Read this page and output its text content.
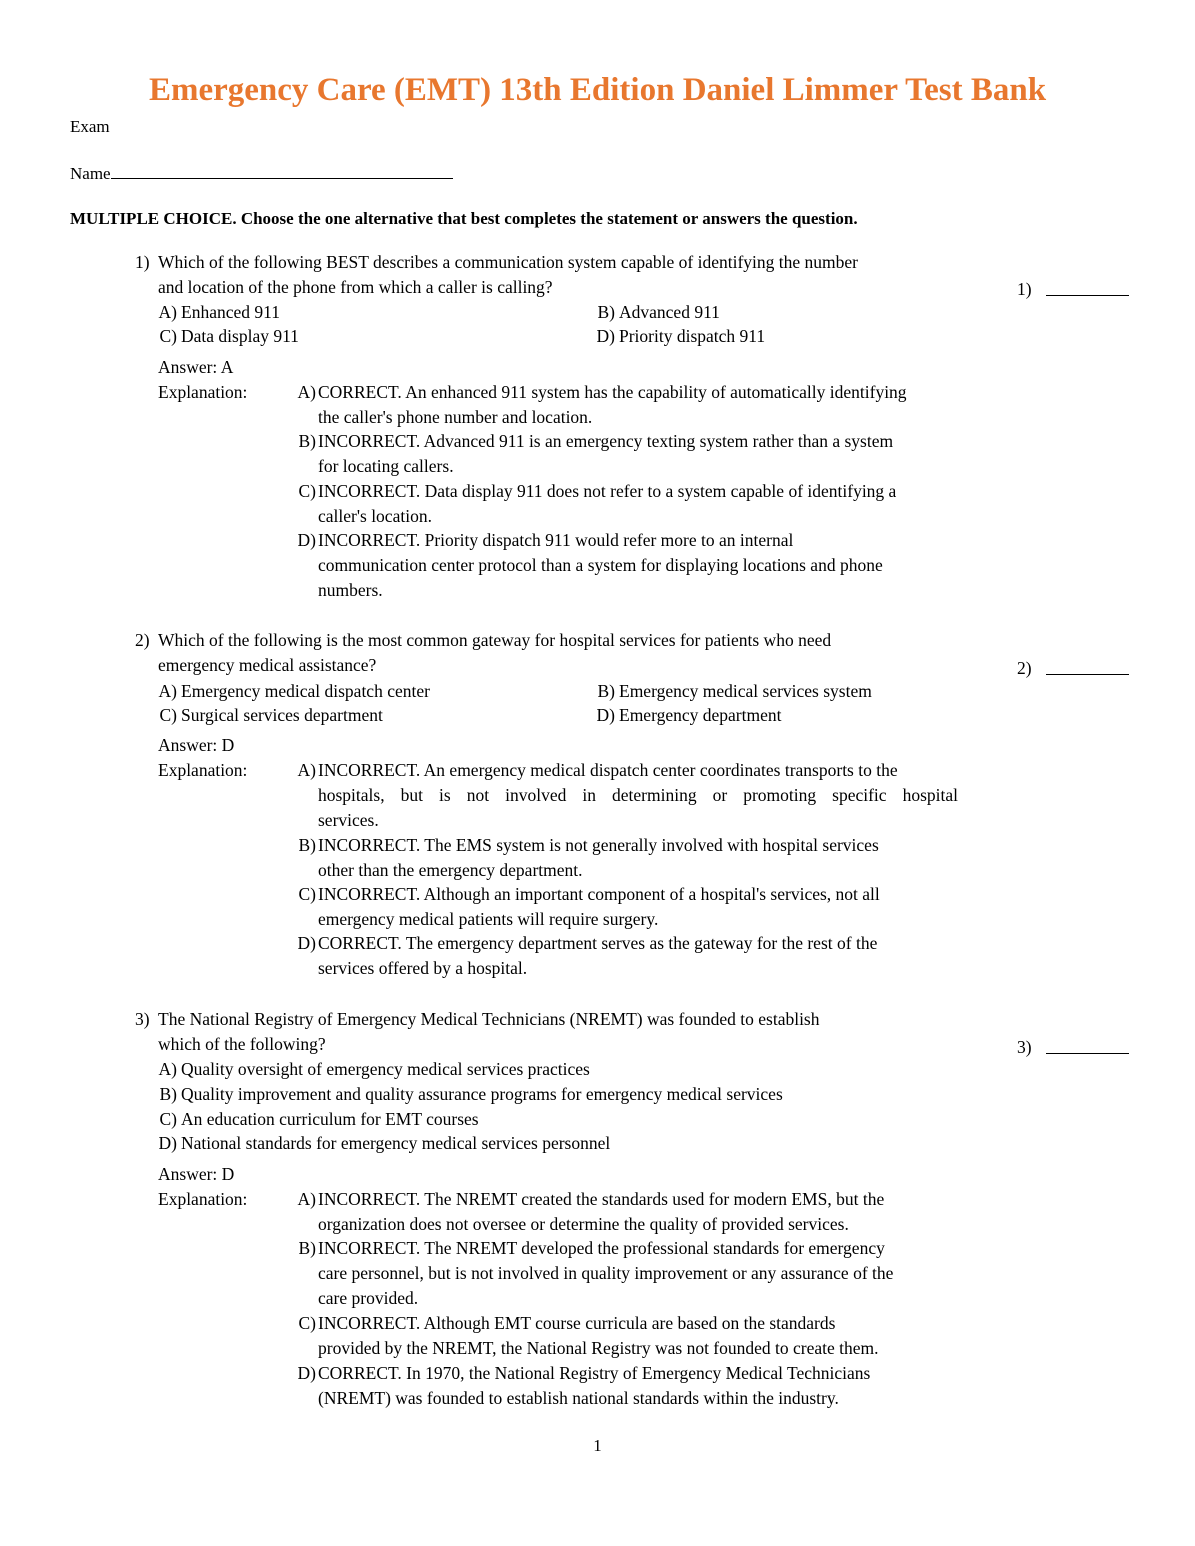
Emergency Care (EMT) 13th Edition Daniel Limmer Test Bank
Exam
Name
MULTIPLE CHOICE. Choose the one alternative that best completes the statement or answers the question.
1) Which of the following BEST describes a communication system capable of identifying the number
and location of the phone from which a caller is calling?	1)
A) Enhanced 911	B) Advanced 911
C) Data display 911	D) Priority dispatch 911
Answer: A
Explanation:	A) CORRECT. An enhanced 911 system has the capability of automatically identifying
the caller's phone number and location.
B) INCORRECT. Advanced 911 is an emergency texting system rather than a system
for locating callers.
C) INCORRECT. Data display 911 does not refer to a system capable of identifying a
caller's location.
D) INCORRECT. Priority dispatch 911 would refer more to an internal
communication center protocol than a system for displaying locations and phone
numbers.
2) Which of the following is the most common gateway for hospital services for patients who need
emergency medical assistance?	2)
A) Emergency medical dispatch center	B) Emergency medical services system
C) Surgical services department	D) Emergency department
Answer: D
Explanation:	A) INCORRECT. An emergency medical dispatch center coordinates transports to the
hospitals, but is not involved in determining or promoting specific hospital
services.
B) INCORRECT. The EMS system is not generally involved with hospital services
other than the emergency department.
C) INCORRECT. Although an important component of a hospital's services, not all
emergency medical patients will require surgery.
D) CORRECT. The emergency department serves as the gateway for the rest of the
services offered by a hospital.
3) The National Registry of Emergency Medical Technicians (NREMT) was founded to establish
which of the following?	3)
A) Quality oversight of emergency medical services practices
B) Quality improvement and quality assurance programs for emergency medical services
C) An education curriculum for EMT courses
D) National standards for emergency medical services personnel
Answer: D
Explanation:	A) INCORRECT. The NREMT created the standards used for modern EMS, but the
organization does not oversee or determine the quality of provided services.
B) INCORRECT. The NREMT developed the professional standards for emergency
care personnel, but is not involved in quality improvement or any assurance of the
care provided.
C) INCORRECT. Although EMT course curricula are based on the standards
provided by the NREMT, the National Registry was not founded to create them.
D) CORRECT. In 1970, the National Registry of Emergency Medical Technicians
(NREMT) was founded to establish national standards within the industry.
1
